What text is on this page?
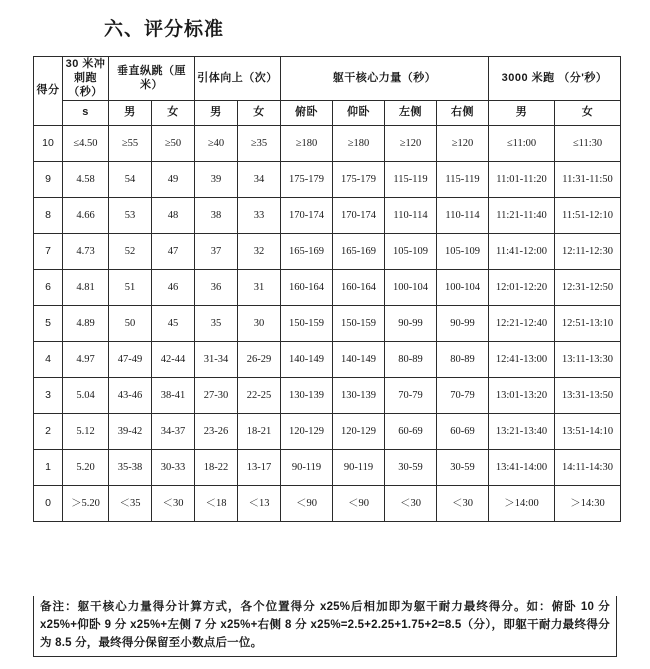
六、评分标准
得分	30 米冲刺跑（秒）	垂直纵跳（厘米）		引体向上（次）		躯干核心力量（秒）				3000 米跑 （分'秒）	
	s	男	女	男	女	俯卧	仰卧	左侧	右侧	男	女
10	≤4.50	≥55	≥50	≥40	≥35	≥180	≥180	≥120	≥120	≤11:00	≤11:30
9	4.58	54	49	39	34	175-179	175-179	115-119	115-119	11:01-11:20	11:31-11:50
8	4.66	53	48	38	33	170-174	170-174	110-114	110-114	11:21-11:40	11:51-12:10
7	4.73	52	47	37	32	165-169	165-169	105-109	105-109	11:41-12:00	12:11-12:30
6	4.81	51	46	36	31	160-164	160-164	100-104	100-104	12:01-12:20	12:31-12:50
5	4.89	50	45	35	30	150-159	150-159	90-99	90-99	12:21-12:40	12:51-13:10
4	4.97	47-49	42-44	31-34	26-29	140-149	140-149	80-89	80-89	12:41-13:00	13:11-13:30
3	5.04	43-46	38-41	27-30	22-25	130-139	130-139	70-79	70-79	13:01-13:20	13:31-13:50
2	5.12	39-42	34-37	23-26	18-21	120-129	120-129	60-69	60-69	13:21-13:40	13:51-14:10
1	5.20	35-38	30-33	18-22	13-17	90-119	90-119	30-59	30-59	13:41-14:00	14:11-14:30
0	＞5.20	＜35	＜30	＜18	＜13	＜90	＜90	＜30	＜30	＞14:00	＞14:30

备注：躯干核心力量得分计算方式，各个位置得分 x25%后相加即为躯干耐力最终得分。如：俯卧 10 分 x25%+仰卧 9 分 x25%+左侧 7 分 x25%+右侧 8 分 x25%=2.5+2.25+1.75+2=8.5（分），即躯干耐力最终得分为 8.5 分，最终得分保留至小数点后一位。
